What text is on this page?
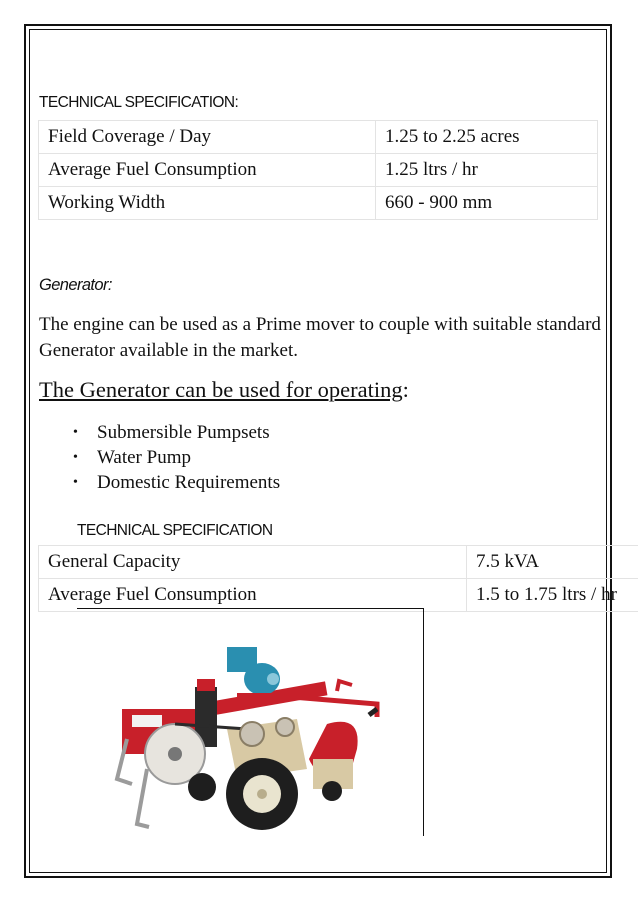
TECHNICAL SPECIFICATION:
Field Coverage / Day	1.25 to 2.25 acres
Average Fuel Consumption	1.25 ltrs / hr
Working Width	660 - 900 mm
Generator:
The engine can be used as a Prime mover to couple with suitable standard Generator available in the market.
The Generator can be used for operating:
• Submersible Pumpsets
• Water Pump
• Domestic Requirements
TECHNICAL SPECIFICATION
General Capacity	7.5 kVA
Average Fuel Consumption	1.5 to 1.75 ltrs / hr
